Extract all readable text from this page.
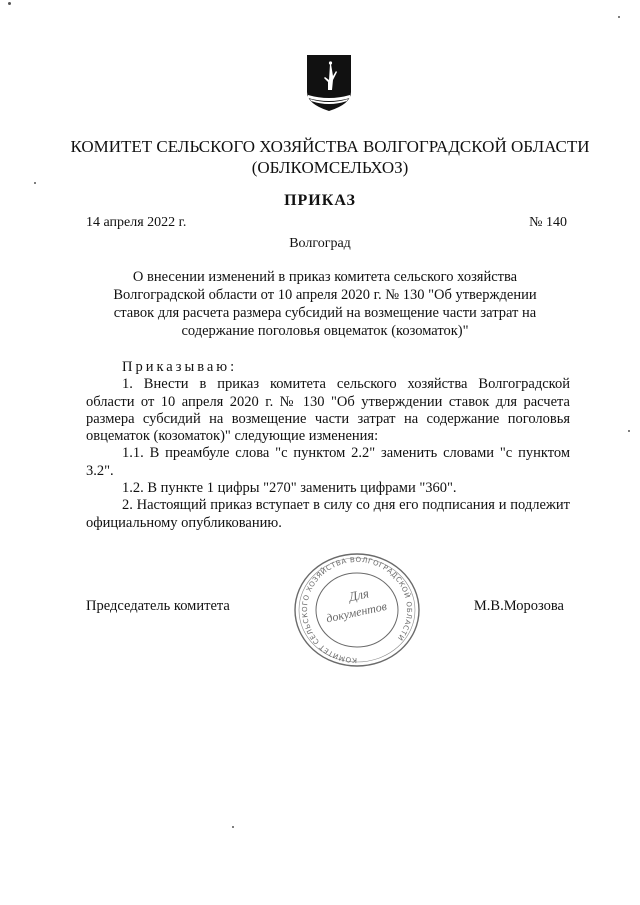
КОМИТЕТ СЕЛЬСКОГО ХОЗЯЙСТВА ВОЛГОГРАДСКОЙ ОБЛАСТИ
(ОБЛКОМСЕЛЬХОЗ)
ПРИКАЗ
14 апреля 2022 г.	№ 140
Волгоград
О внесении изменений в приказ комитета сельского хозяйства
Волгоградской области от 10 апреля 2020 г. № 130 "Об утверждении
ставок для расчета размера субсидий на возмещение части затрат на
содержание поголовья овцематок (козоматок)"

Приказываю:

1. Внести в приказ комитета сельского хозяйства Волгоградской области от 10 апреля 2020 г. № 130 "Об утверждении ставок для расчета размера субсидий на возмещение части затрат на содержание поголовья овцематок (козоматок)" следующие изменения:

1.1. В преамбуле слова "с пунктом 2.2" заменить словами "с пунктом 3.2".

1.2. В пункте 1 цифры "270" заменить цифрами "360".

2. Настоящий приказ вступает в силу со дня его подписания и подлежит официальному опубликованию.

Председатель комитета
КОМИТЕТ СЕЛЬСКОГО ХОЗЯЙСТВА ВОЛГОГРАДСКОЙ ОБЛАСТИ
Для
документов	М.В.Морозова
